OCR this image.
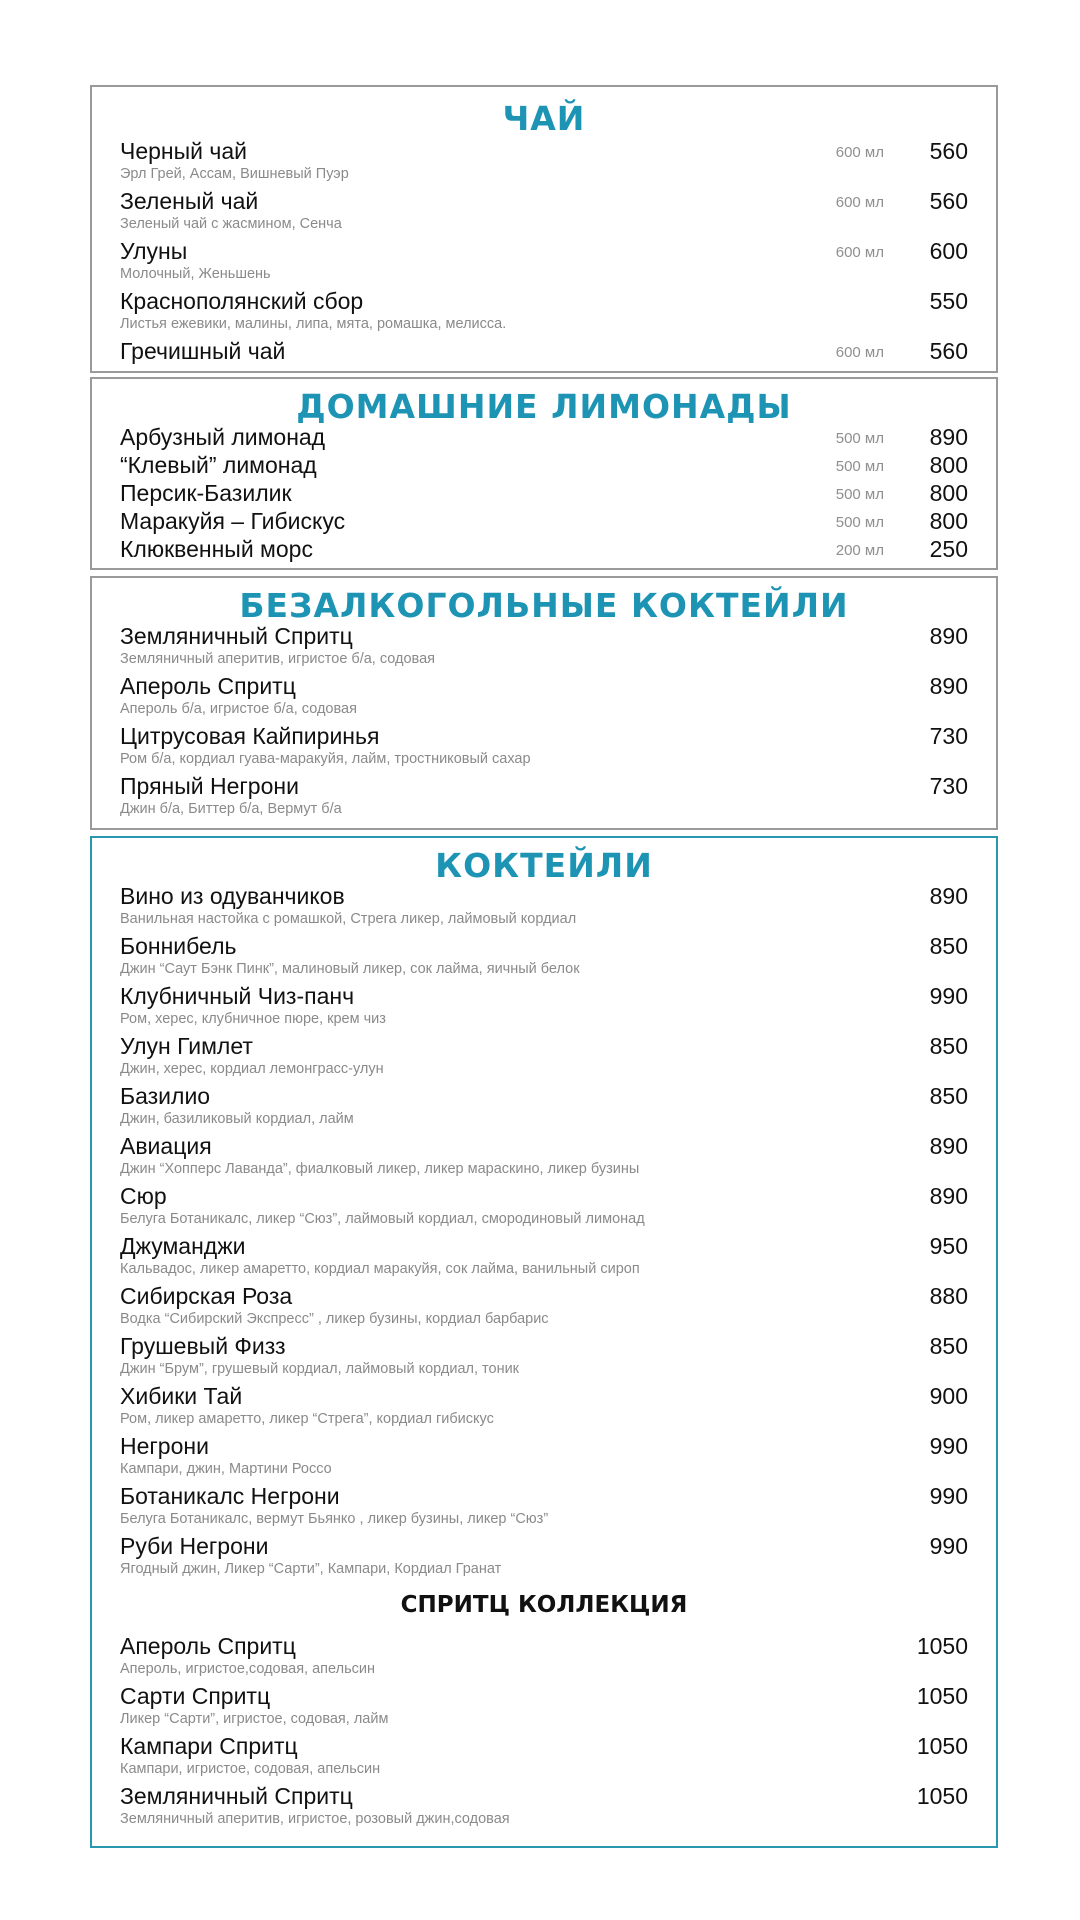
ЧАЙ
Черный чай
Эрл Грей, Ассам, Вишневый Пуэр
600 мл 560
Зеленый чай
Зеленый чай с жасмином, Сенча
600 мл 560
Улуны
Молочный, Женьшень
600 мл 600
Краснополянский сбор
Листья ежевики, малины, липа, мята, ромашка, мелисса.
550
Гречишный чай	600 мл 560
ДОМАШНИЕ ЛИМОНАДЫ
Арбузный лимонад	500 мл 890
“Клевый” лимонад	500 мл 800
Персик-Базилик	500 мл 800
Маракуйя – Гибискус	500 мл 800
Клюквенный морс	200 мл 250
БЕЗАЛКОГОЛЬНЫЕ КОКТЕЙЛИ
Земляничный Спритц
Земляничный аперитив, игристое б/а, содовая
890
Апероль Спритц
Апероль б/а, игристое б/а, содовая
890
Цитрусовая Кайпиринья
Ром б/а, кордиал гуава-маракуйя, лайм, тростниковый сахар
730
Пряный Негрони
Джин б/а, Биттер б/а, Вермут б/а
730
КОКТЕЙЛИ
Вино из одуванчиков
Ванильная настойка с ромашкой, Стрега ликер, лаймовый кордиал
890
Боннибель
Джин “Саут Бэнк Пинк”, малиновый ликер, сок лайма, яичный белок
850
Клубничный Чиз-панч
Ром, херес, клубничное пюре, крем чиз
990
Улун Гимлет
Джин, херес, кордиал лемонграсс-улун
850
Базилио
Джин, базиликовый кордиал, лайм
850
Авиация
Джин “Хопперс Лаванда”, фиалковый ликер, ликер мараскино, ликер бузины
890
Сюр
Белуга Ботаникалс, ликер “Сюз”, лаймовый кордиал, смородиновый лимонад
890
Джуманджи
Кальвадос, ликер амаретто, кордиал маракуйя, сок лайма, ванильный сироп
950
Сибирская Роза
Водка “Сибирский Экспресс” , ликер бузины, кордиал барбарис
880
Грушевый Физз
Джин “Брум”, грушевый кордиал, лаймовый кордиал, тоник
850
Хибики Тай
Ром, ликер амаретто, ликер “Стрега”, кордиал гибискус
900
Негрони
Кампари, джин, Мартини Россо
990
Ботаникалс Негрони
Белуга Ботаникалс, вермут Бьянко , ликер бузины, ликер “Сюз”
990
Руби Негрони
Ягодный джин, Ликер “Сарти”, Кампари, Кордиал Гранат
990
СПРИТЦ КОЛЛЕКЦИЯ
Апероль Спритц
Апероль, игристое,содовая, апельсин
1050
Сарти Спритц
Ликер “Сарти”, игристое, содовая, лайм
1050
Кампари Спритц
Кампари, игристое, содовая, апельсин
1050
Земляничный Спритц
Земляничный аперитив, игристое, розовый джин,содовая
1050
